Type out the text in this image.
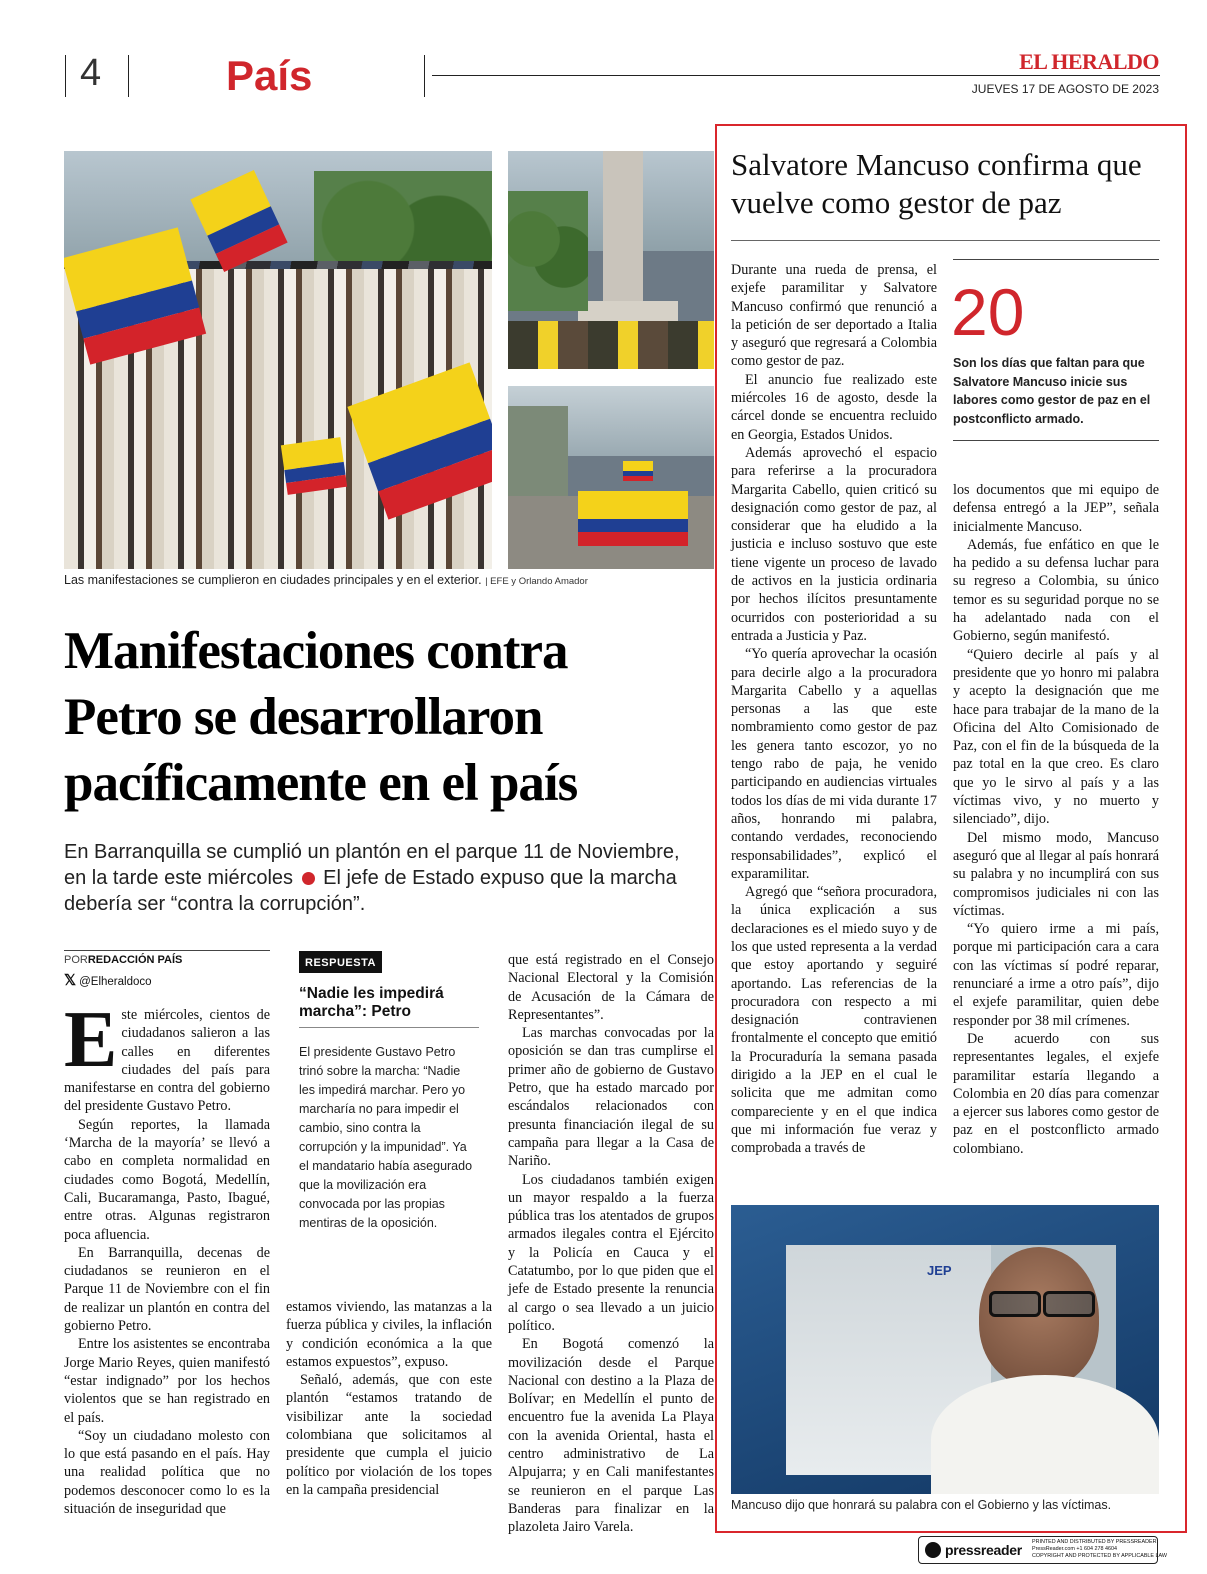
4	País	EL HERALDO
JUEVES 17 DE AGOSTO DE 2023
Las manifestaciones se cumplieron en ciudades principales y en el exterior. | EFE y Orlando Amador
Manifestaciones contra
Petro se desarrollaron
pacíficamente en el país
En Barranquilla se cumplió un plantón en el parque 11 de Noviembre, en la tarde este miércoles El jefe de Estado expuso que la marcha debería ser “contra la corrupción”.
PORREDACCIÓN PAÍS
𝕏 @Elheraldoco
E ste miércoles, cientos de ciudadanos salieron a las calles en diferentes ciudades del país para manifestarse en contra del gobierno del presidente Gustavo Petro.

Según reportes, la llamada ‘Marcha de la mayoría’ se llevó a cabo en completa normalidad en ciudades como Bogotá, Medellín, Cali, Bucaramanga, Pasto, Ibagué, entre otras. Algunas registraron poca afluencia.

En Barranquilla, decenas de ciudadanos se reunieron en el Parque 11 de Noviembre con el fin de realizar un plantón en contra del gobierno Petro.

Entre los asistentes se encontraba Jorge Mario Reyes, quien manifestó “estar indignado” por los hechos violentos que se han registrado en el país.

“Soy un ciudadano molesto con lo que está pasando en el país. Hay una realidad política que no podemos desconocer como lo es la situación de inseguridad que

RESPUESTA
“Nadie les impedirá marcha”: Petro
El presidente Gustavo Petro trinó sobre la marcha: “Nadie les impedirá marchar. Pero yo marcharía no para impedir el cambio, sino contra la corrupción y la impunidad”. Ya el mandatario había asegurado que la movilización era convocada por las propias mentiras de la oposición.

estamos viviendo, las matanzas a la fuerza pública y civiles, la inflación y condición económica a la que estamos expuestos”, expuso.

Señaló, además, que con este plantón “estamos tratando de visibilizar ante la sociedad colombiana que solicitamos al presidente que cumpla el juicio político por violación de los topes en la campaña presidencial

que está registrado en el Consejo Nacional Electoral y la Comisión de Acusación de la Cámara de Representantes”.

Las marchas convocadas por la oposición se dan tras cumplirse el primer año de gobierno de Gustavo Petro, que ha estado marcado por escándalos relacionados con presunta financiación ilegal de su campaña para llegar a la Casa de Nariño.

Los ciudadanos también exigen un mayor respaldo a la fuerza pública tras los atentados de grupos armados ilegales contra el Ejército y la Policía en Cauca y el Catatumbo, por lo que piden que el jefe de Estado presente la renuncia al cargo o sea llevado a un juicio político.

En Bogotá comenzó la movilización desde el Parque Nacional con destino a la Plaza de Bolívar; en Medellín el punto de encuentro fue la avenida La Playa con la avenida Oriental, hasta el centro administrativo de La Alpujarra; y en Cali manifestantes se reunieron en el parque Las Banderas para finalizar en la plazoleta Jairo Varela.

Salvatore Mancuso confirma que vuelve como gestor de paz
20
Son los días que faltan para que Salvatore Mancuso inicie sus labores como gestor de paz en el postconflicto armado.

Durante una rueda de prensa, el exjefe paramilitar y Salvatore Mancuso confirmó que renunció a la petición de ser deportado a Italia y aseguró que regresará a Colombia como gestor de paz.

El anuncio fue realizado este miércoles 16 de agosto, desde la cárcel donde se encuentra recluido en Georgia, Estados Unidos.

Además aprovechó el espacio para referirse a la procuradora Margarita Cabello, quien criticó su designación como gestor de paz, al considerar que ha eludido a la justicia e incluso sostuvo que este tiene vigente un proceso de lavado de activos en la justicia ordinaria por hechos ilícitos presuntamente ocurridos con posterioridad a su entrada a Justicia y Paz.

“Yo quería aprovechar la ocasión para decirle algo a la procuradora Margarita Cabello y a aquellas personas a las que este nombramiento como gestor de paz les genera tanto escozor, yo no tengo rabo de paja, he venido participando en audiencias virtuales todos los días de mi vida durante 17 años, honrando mi palabra, contando verdades, reconociendo responsabilidades”, explicó el exparamilitar.

Agregó que “señora procuradora, la única explicación a sus declaraciones es el miedo suyo y de los que usted representa a la verdad que estoy aportando y seguiré aportando. Las referencias de la procuradora con respecto a mi designación contravienen frontalmente el concepto que emitió la Procuraduría la semana pasada dirigido a la JEP en el cual le solicita que me admitan como compareciente y en el que indica que mi información fue veraz y comprobada a través de

los documentos que mi equipo de defensa entregó a la JEP”, señala inicialmente Mancuso.

Además, fue enfático en que le ha pedido a su defensa luchar para su regreso a Colombia, su único temor es su seguridad porque no se ha adelantado nada con el Gobierno, según manifestó.

“Quiero decirle al país y al presidente que yo honro mi palabra y acepto la designación que me hace para trabajar de la mano de la Oficina del Alto Comisionado de Paz, con el fin de la búsqueda de la paz total en la que creo. Es claro que yo le sirvo al país y a las víctimas vivo, y no muerto y silenciado”, dijo.

Del mismo modo, Mancuso aseguró que al llegar al país honrará su palabra y no incumplirá con sus compromisos judiciales ni con las víctimas.

“Yo quiero irme a mi país, porque mi participación cara a cara con las víctimas sí podré reparar, renunciaré a irme a otro país”, dijo el exjefe paramilitar, quien debe responder por 38 mil crímenes.

De acuerdo con sus representantes legales, el exjefe paramilitar estaría llegando a Colombia en 20 días para comenzar a ejercer sus labores como gestor de paz en el postconflicto armado colombiano.

JEP
Mancuso dijo que honrará su palabra con el Gobierno y las víctimas.
pressreader PRINTED AND DISTRIBUTED BY PRESSREADER
PressReader.com +1 604 278 4604
COPYRIGHT AND PROTECTED BY APPLICABLE LAW
